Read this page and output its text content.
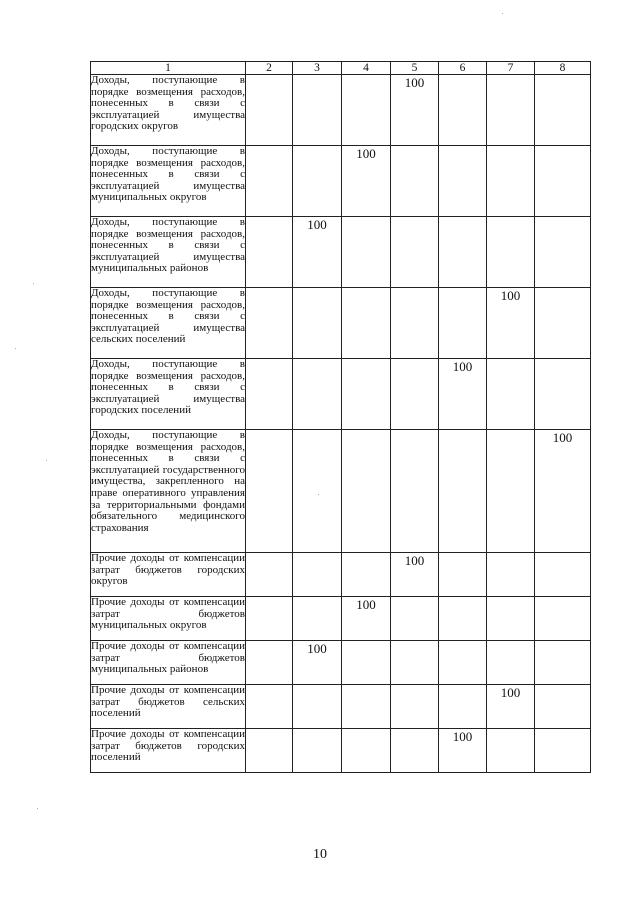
1	2	3	4	5	6	7	8
Доходы, поступающие в порядке возмещения расходов, понесенных в связи с эксплуатацией имущества городских округов				100			
Доходы, поступающие в порядке возмещения расходов, понесенных в связи с эксплуатацией имущества муниципальных округов			100				
Доходы, поступающие в порядке возмещения расходов, понесенных в связи с эксплуатацией имущества муниципальных районов		100					
Доходы, поступающие в порядке возмещения расходов, понесенных в связи с эксплуатацией имущества сельских поселений						100	
Доходы, поступающие в порядке возмещения расходов, понесенных в связи с эксплуатацией имущества городских поселений					100		
Доходы, поступающие в порядке возмещения расходов, понесенных в связи с эксплуатацией государственного имущества, закрепленного на праве оперативного управления за территориальными фондами обязательного медицинского страхования							100
Прочие доходы от компенсации затрат бюджетов городских округов				100			
Прочие доходы от компенсации затрат бюджетов муниципальных округов			100				
Прочие доходы от компенсации затрат бюджетов муниципальных районов		100					
Прочие доходы от компенсации затрат бюджетов сельских поселений						100	
Прочие доходы от компенсации затрат бюджетов городских поселений					100		
10
